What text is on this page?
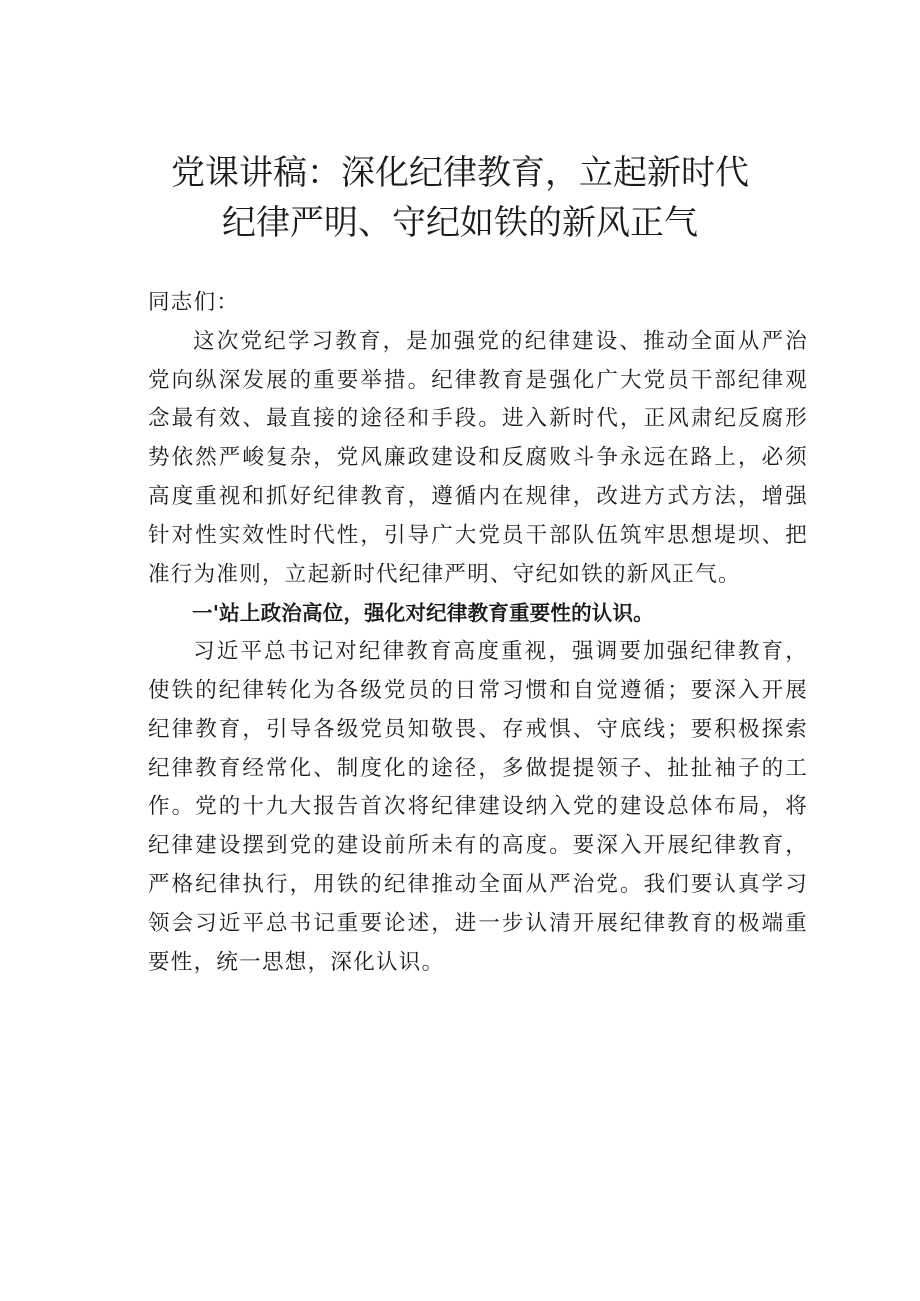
党课讲稿：深化纪律教育，立起新时代
纪律严明、守纪如铁的新风正气

同志们：

这次党纪学习教育，是加强党的纪律建设、推动全面从严治党向纵深发展的重要举措。纪律教育是强化广大党员干部纪律观念最有效、最直接的途径和手段。进入新时代，正风肃纪反腐形势依然严峻复杂，党风廉政建设和反腐败斗争永远在路上，必须高度重视和抓好纪律教育，遵循内在规律，改进方式方法，增强针对性实效性时代性，引导广大党员干部队伍筑牢思想堤坝、把准行为准则，立起新时代纪律严明、守纪如铁的新风正气。

一'站上政治高位，强化对纪律教育重要性的认识。

习近平总书记对纪律教育高度重视，强调要加强纪律教育，使铁的纪律转化为各级党员的日常习惯和自觉遵循；要深入开展纪律教育，引导各级党员知敬畏、存戒惧、守底线；要积极探索纪律教育经常化、制度化的途径，多做提提领子、扯扯袖子的工作。党的十九大报告首次将纪律建设纳入党的建设总体布局，将纪律建设摆到党的建设前所未有的高度。要深入开展纪律教育，严格纪律执行，用铁的纪律推动全面从严治党。我们要认真学习领会习近平总书记重要论述，进一步认清开展纪律教育的极端重要性，统一思想，深化认识。
